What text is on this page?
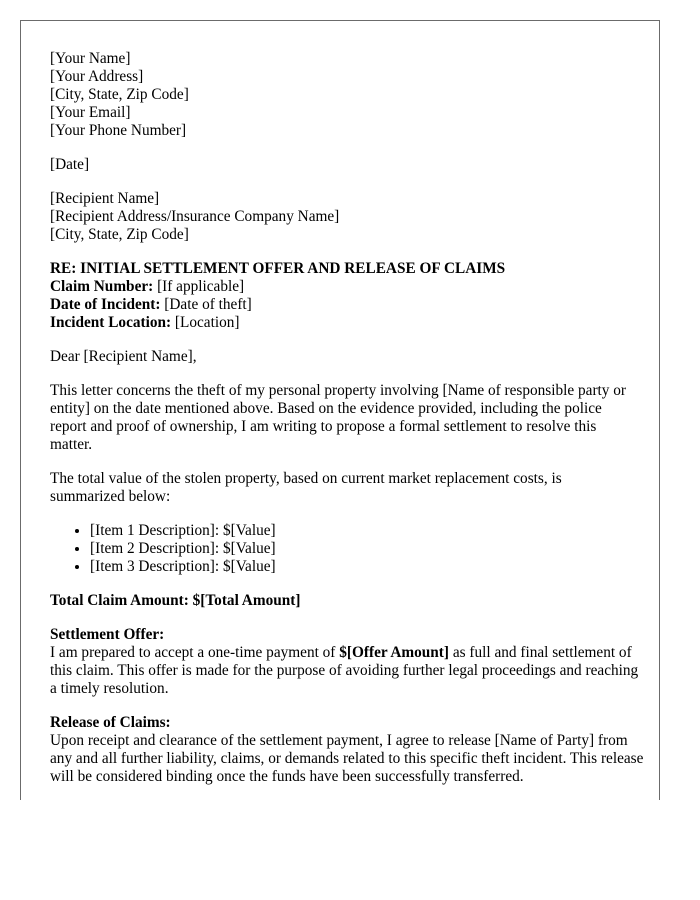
[Your Name]
[Your Address]
[City, State, Zip Code]
[Your Email]
[Your Phone Number]
[Date]
[Recipient Name]
[Recipient Address/Insurance Company Name]
[City, State, Zip Code]
RE: INITIAL SETTLEMENT OFFER AND RELEASE OF CLAIMS
Claim Number: [If applicable]
Date of Incident: [Date of theft]
Incident Location: [Location]

Dear [Recipient Name],

This letter concerns the theft of my personal property involving [Name of responsible party or entity] on the date mentioned above. Based on the evidence provided, including the police report and proof of ownership, I am writing to propose a formal settlement to resolve this matter.

The total value of the stolen property, based on current market replacement costs, is summarized below:

• [Item 1 Description]: $[Value]
• [Item 2 Description]: $[Value]
• [Item 3 Description]: $[Value]

Total Claim Amount: $[Total Amount]

Settlement Offer:
I am prepared to accept a one-time payment of $[Offer Amount] as full and final settlement of this claim. This offer is made for the purpose of avoiding further legal proceedings and reaching a timely resolution.

Release of Claims:
Upon receipt and clearance of the settlement payment, I agree to release [Name of Party] from any and all further liability, claims, or demands related to this specific theft incident. This release will be considered binding once the funds have been successfully transferred.
